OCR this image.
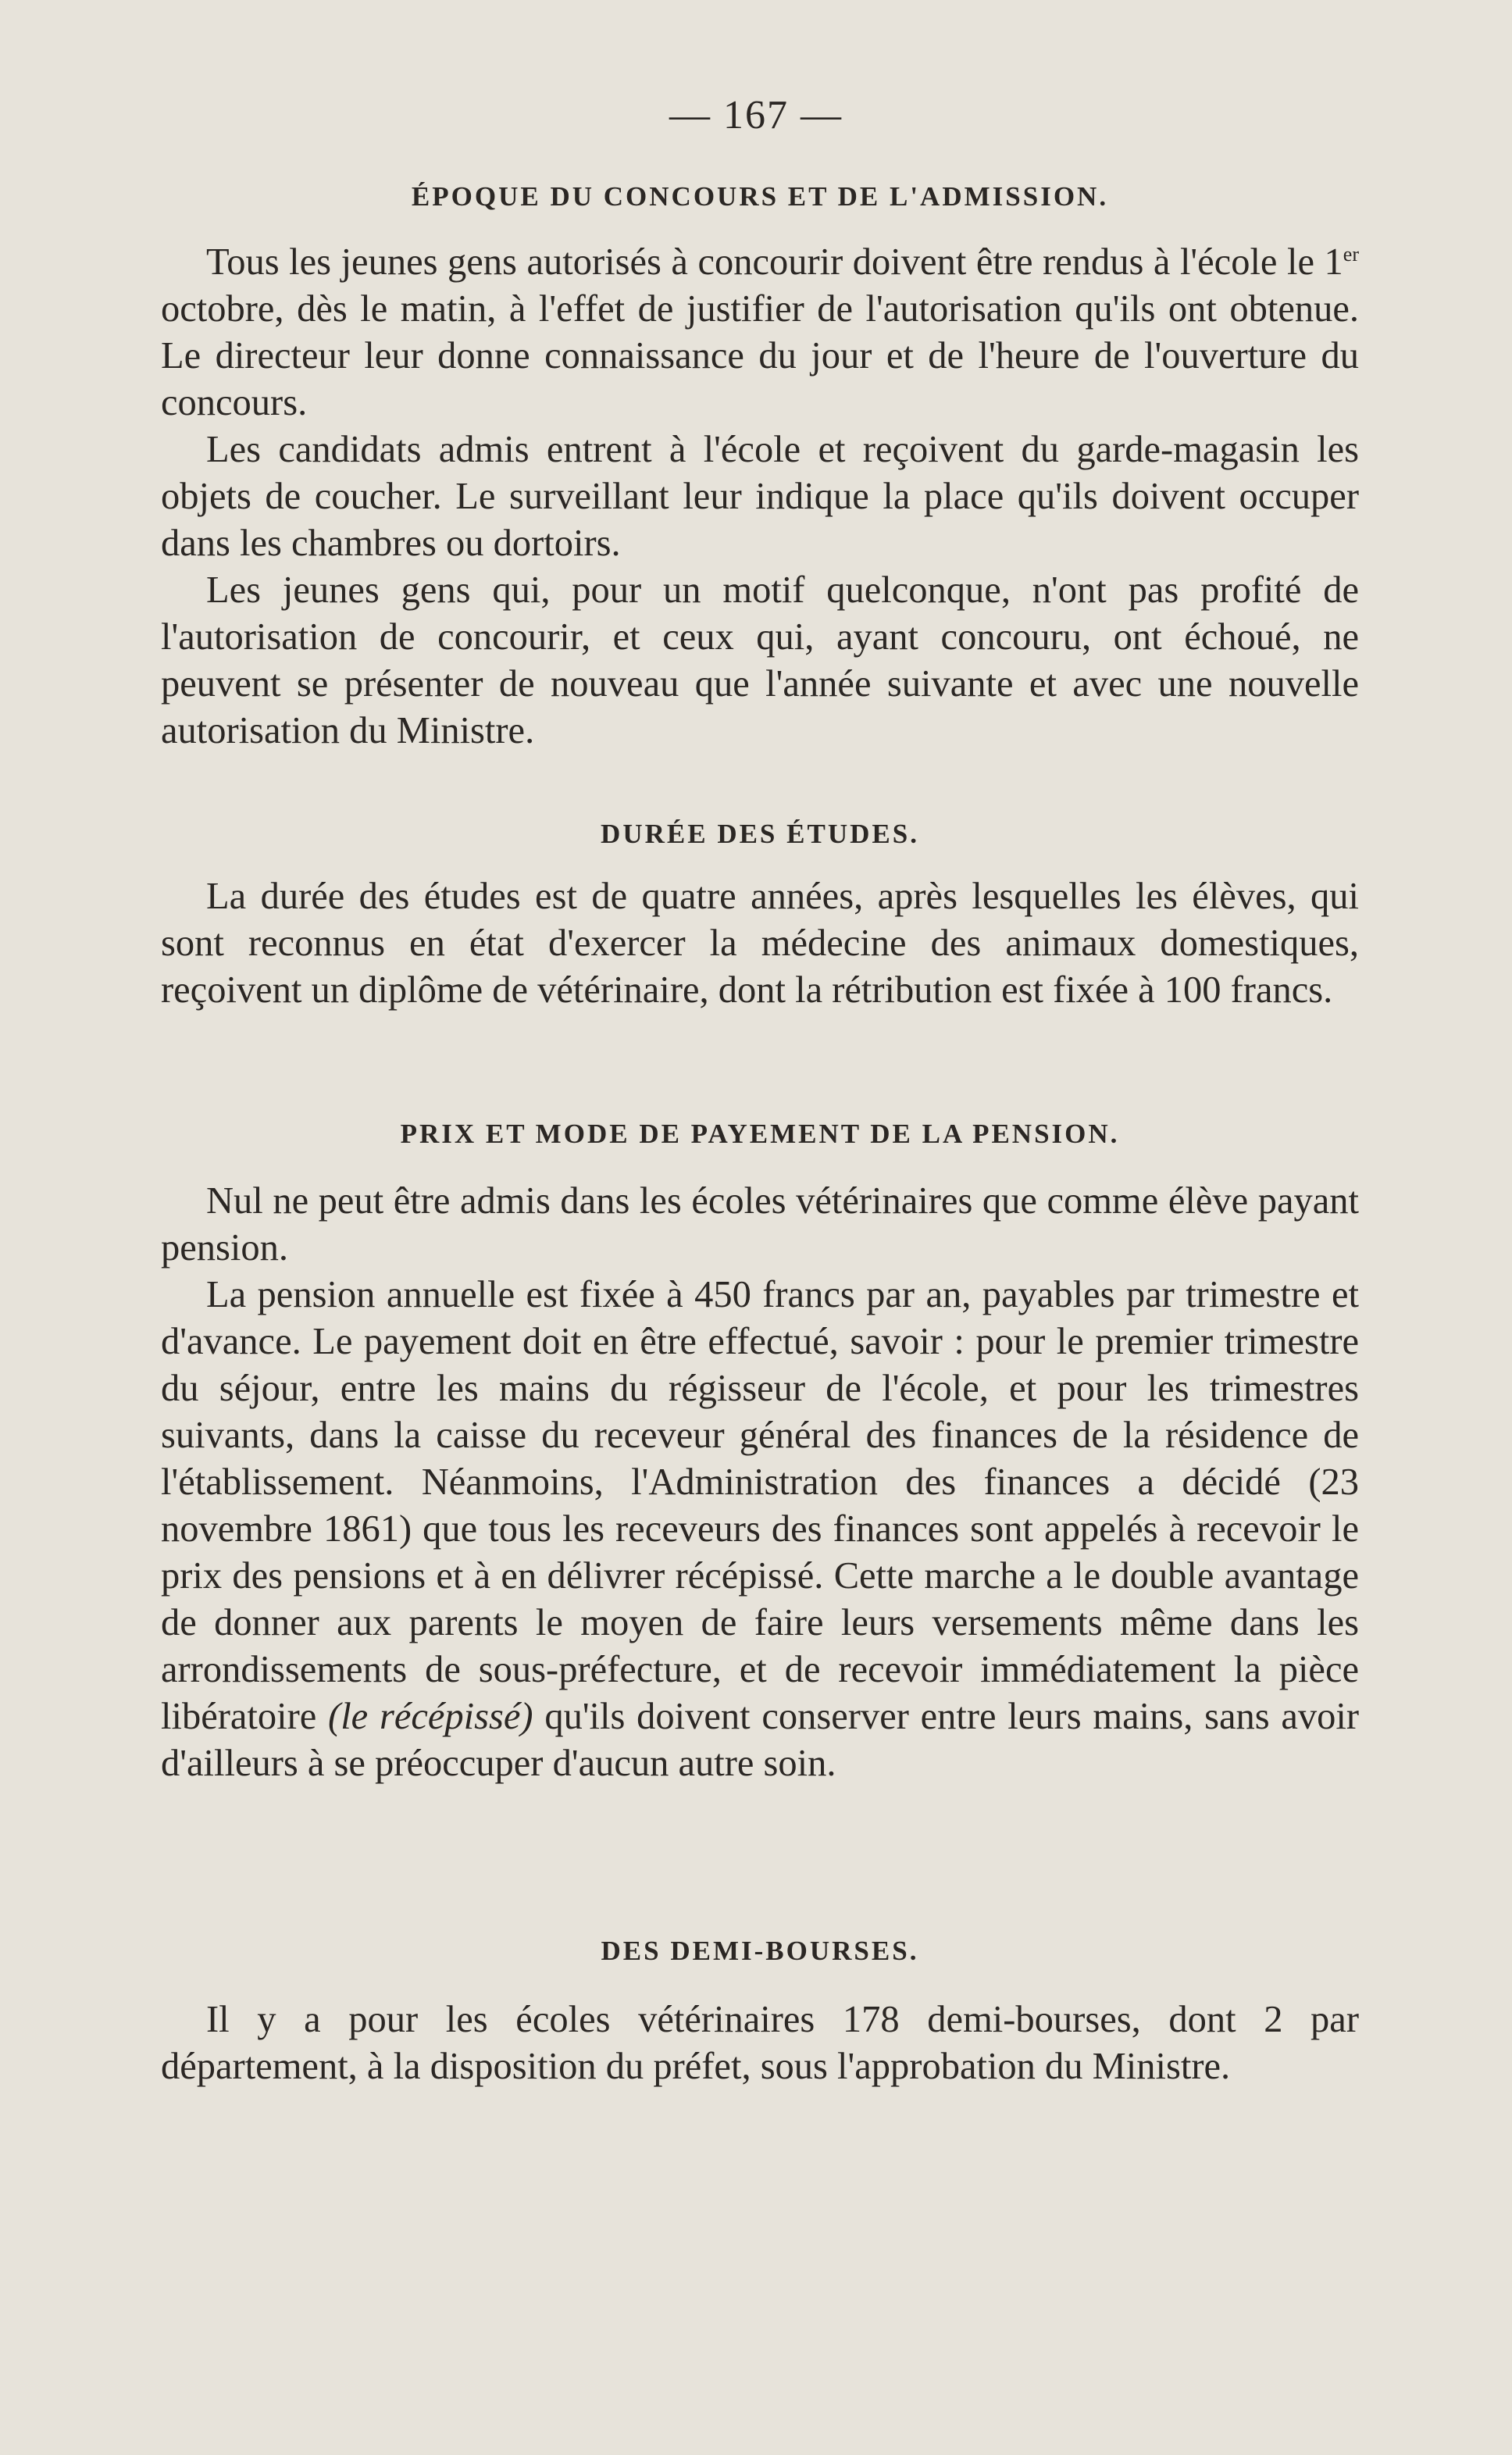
— 167 —
ÉPOQUE DU CONCOURS ET DE L'ADMISSION.

Tous les jeunes gens autorisés à concourir doivent être rendus à l'école le 1er octobre, dès le matin, à l'effet de justifier de l'autorisation qu'ils ont obtenue. Le directeur leur donne connaissance du jour et de l'heure de l'ouverture du concours.

Les candidats admis entrent à l'école et reçoivent du garde-magasin les objets de coucher. Le surveillant leur indique la place qu'ils doivent occuper dans les chambres ou dortoirs.

Les jeunes gens qui, pour un motif quelconque, n'ont pas profité de l'autorisation de concourir, et ceux qui, ayant concouru, ont échoué, ne peuvent se présenter de nouveau que l'année suivante et avec une nouvelle autorisation du Ministre.

DURÉE DES ÉTUDES.

La durée des études est de quatre années, après lesquelles les élèves, qui sont reconnus en état d'exercer la médecine des animaux domestiques, reçoivent un diplôme de vétérinaire, dont la rétribution est fixée à 100 francs.

PRIX ET MODE DE PAYEMENT DE LA PENSION.

Nul ne peut être admis dans les écoles vétérinaires que comme élève payant pension.

La pension annuelle est fixée à 450 francs par an, payables par trimestre et d'avance. Le payement doit en être effectué, savoir : pour le premier trimestre du séjour, entre les mains du régisseur de l'école, et pour les trimestres suivants, dans la caisse du receveur général des finances de la résidence de l'établissement. Néanmoins, l'Administration des finances a décidé (23 novembre 1861) que tous les receveurs des finances sont appelés à recevoir le prix des pensions et à en délivrer récépissé. Cette marche a le double avantage de donner aux parents le moyen de faire leurs versements même dans les arrondissements de sous-préfecture, et de recevoir immédiatement la pièce libératoire (le récépissé) qu'ils doivent conserver entre leurs mains, sans avoir d'ailleurs à se préoccuper d'aucun autre soin.

DES DEMI-BOURSES.

Il y a pour les écoles vétérinaires 178 demi-bourses, dont 2 par département, à la disposition du préfet, sous l'approbation du Ministre.
